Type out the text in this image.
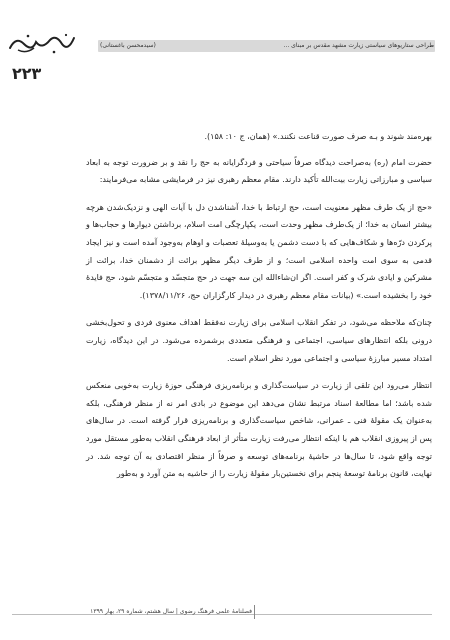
طراحی ستاریوهای سیاستی زیارت مشهد مقدس بر مبنای ...
(سیدمحسن باغستانی)
۲۲۳

بهره‌مند شوند و بـه صرف صورت قناعت نکنند.» (همان، ج ۱۰: ۱۵۸).

حضرت امام (ره) به‌صراحت دیدگاه صرفاً سیاحتی و فردگرایانه به حج را نقد و بر ضرورت توجه به ابعاد سیاسی و مبارزاتی زیارت بیت‌الله تأکید دارند. مقام معظم رهبری نیز در فرمایشی مشابه می‌فرمایند:

«حج از یک طرف مظهر معنویت است، حج ارتباط با خدا، آشنا‌شدن دل با آیات الهی و نزدیک‌شدن هرچه بیشتر انسان به خدا؛ از یک‌طرف مظهر وحدت است، یکپارچگی امت اسلام، برداشتن دیوارها و حجاب‌ها و پرکردن درّه‌ها و شکاف‌هایی که با دست دشمن یا به‌وسیلهٔ تعصبات و اوهام به‌وجود آمده است و نیز ایجاد قدمی به سوی امت واحده اسلامی است؛ و از طرف دیگر مظهر برائت از دشمنان خدا، برائت از مشرکین و ایادی شرک و کفر است. اگر ان‌شاءالله این سه جهت در حج متجسّد و متجسّم شود، حج فایدهٔ خود را بخشیده است.» (بیانات مقام معظم رهبری در دیدار کارگزاران حج، ۱۳۷۸/۱۱/۲۶).

چنان‌که ملاحظه می‌شود، در تفکر انقلاب اسلامی برای زیارت نه‌فقط اهداف معنوی فردی و تحول‌بخشی درونی بلکه انتظارهای سیاسی، اجتماعی و فرهنگی متعددی برشمرده می‌شود. در این دیدگاه، زیارت امتداد مسیر مبارزهٔ سیاسی و اجتماعی مورد نظر اسلام است.

انتظار می‌رود این تلقی از زیارت در سیاست‌گذاری و برنامه‌ریزی فرهنگی حوزهٔ زیارت به‌خوبی منعکس شده باشد؛ اما مطالعهٔ اسناد مرتبط نشان می‌دهد این موضوع در بادی امر نه از منظر فرهنگی، بلکه به‌عنوان یک مقولهٔ فنی ـ عمرانی، شاخص سیاست‌گذاری و برنامه‌ریزی قرار گرفته است. در سال‌های پس از پیروزی انقلاب هم با اینکه انتظار می‌رفت زیارت متأثر از ابعاد فرهنگی انقلاب به‌طور مستقل مورد توجه واقع شود، تا سال‌ها در حاشیهٔ برنامه‌های توسعه و صرفاً از منظر اقتصادی به آن توجه شد. در نهایت، قانون برنامهٔ توسعهٔ پنجم برای نخستین‌بار مقولهٔ زیارت را از حاشیه به متن آورد و به‌طور

فصلنامهٔ علمی فرهنگ رضوی | سال هشتم، شماره ۲۹، بهار ۱۳۹۹
